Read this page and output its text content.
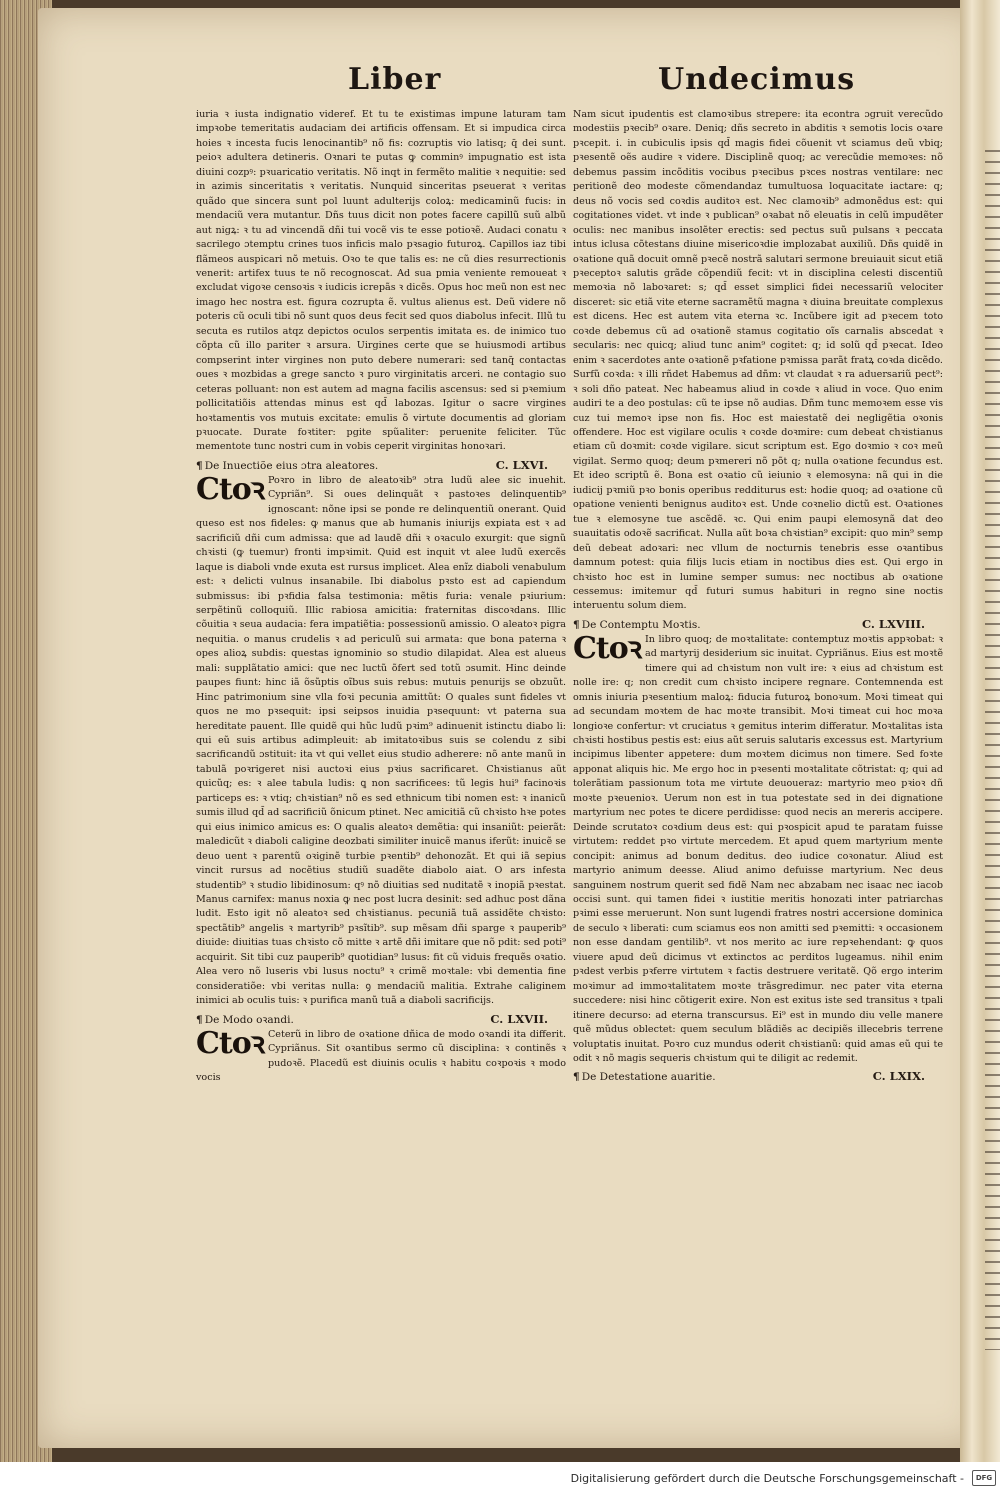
Liber	Undecimus

iuria ꝛ iusta indignatio videref. Et tu te existimas impune laturam tam impꝛobe temeritatis audaciam dei artificis offensam. Et si impudica circa hoies ꝛ incesta fucis lenocinantib⁹ nõ fis: cozruptis vio latisq; q̄ dei sunt. peioꝛ adultera detineris. Oꝛnari te putas ꝙ comminꝰ impugnatio est ista diuini cozpꝰ: pꝛuaricatio veritatis. Nõ inqt in fermẽto malitie ꝛ nequitie: sed in azimis sinceritatis ꝛ veritatis. Nunquid sinceritas pseuerat ꝛ veritas quãdo que sincera sunt pol luunt adulterijs coloꝝ: medicaminũ fucis: in mendaciũ vera mutantur. Dñs tuus dicit non potes facere capillũ suũ albũ aut nigꝝ: ꝛ tu ad vincendã dñi tui vocẽ vis te esse potioꝛẽ. Audaci conatu ꝛ sacrilego ɔtemptu crines tuos inficis malo pꝛsagio futuroꝝ. Capillos iaz tibi flãmeos auspicari nõ metuis. Oꝛo te que talis es: ne cũ dies resurrectionis venerit: artifex tuus te nõ recognoscat. Ad sua pmia veniente remoueat ꝛ excludat vigoꝛe censoꝛis ꝛ iudicis icrepãs ꝛ dicẽs. Opus hoc meũ non est nec imago hec nostra est. figura cozrupta ẽ. vultus alienus est. Deũ videre nõ poteris cũ oculi tibi nõ sunt quos deus fecit sed quos diabolus infecit. Illũ tu secuta es rutilos atqz depictos oculos serpentis imitata es. de inimico tuo cõpta cũ illo pariter ꝛ arsura. Uirgines certe que se huiusmodi artibus compserint inter virgines non puto debere numerari: sed tanq̄ contactas oues ꝛ mozbidas a grege sancto ꝛ puro virginitatis arceri. ne contagio suo ceteras polluant: non est autem ad magna facilis ascensus: sed si pꝛemium pollicitatiõis attendas minus est qd̄ labozas. Igitur o sacre virgines hoꝛtamentis vos mutuis excitate: emulis õ virtute documentis ad gloriam pꝛuocate. Durate foꝛtiter: pgite spũaliter: peruenite feliciter. Tũc mementote tunc nostri cum in vobis ceperit virginitas honoꝛari.

¶ De Inuectiõe eius ɔtra aleatores.	C. LXVI.

Ctoꝛ Poꝛro in libro de aleatoꝛib⁹ ɔtra ludũ alee sic inuehit. Cypriãn⁹. Si oues delinquãt ꝛ pastoꝛes delinquentib⁹ ignoscant: nõne ipsi se ponde re delinquentiũ onerant. Quid queso est nos fideles: ꝙ manus que ab humanis iniurijs expiata est ꝛ ad sacrificiũ dñi cum admissa: que ad laudẽ dñi ꝛ oꝛaculo exurgit: que signũ chꝛisti (ꝙ tuemur) fronti impꝛimit. Quid est inquit vt alee ludũ exercẽs laque is diaboli vnde exuta est rursus implicet. Alea enĩz diaboli venabulum est: ꝛ delicti vulnus insanabile. Ibi diabolus pꝛsto est ad capiendum submissus: ibi pꝛfidia falsa testimonia: mẽtis furia: venale pꝛiurium: serpẽtinũ colloquiũ. Illic rabiosa amicitia: fraternitas discoꝛdans. Illic cõuitia ꝛ seua audacia: fera impatiẽtia: possessionũ amissio. O aleatoꝛ pigra nequitia. o manus crudelis ꝛ ad periculũ sui armata: que bona paterna ꝛ opes alioꝝ subdis: questas ignominio so studio dilapidat. Alea est alueus mali: supplãtatio amici: que nec luctũ õfert sed totũ ɔsumit. Hinc deinde paupes fiunt: hinc iã õsũptis oĩbus suis rebus: mutuis penurijs se obzuũt. Hinc patrimonium sine vlla foꝛi pecunia amittũt: O quales sunt fideles vt quos ne mo pꝛsequit: ipsi seipsos inuidia pꝛsequunt: vt paterna sua hereditate pauent. Ille quidẽ qui hũc ludũ pꝛim⁹ adinuenit istinctu diabo li: qui eũ suis artibus adimpleuit: ab imitatoꝛibus suis se colendu z sibi sacrificandũ ɔstituit: ita vt qui vellet eius studio adherere: nõ ante manũ in tabulã poꝛrigeret nisi auctoꝛi eius pꝛius sacrificaret. Chꝛistianus aũt quicũq; es: ꝛ alee tabula ludis: ꝗ non sacrificees: tũ legis hui⁹ facinoꝛis particeps es: ꝛ vtiq; chꝛistian⁹ nõ es sed ethnicum tibi nomen est: ꝛ inanicũ sumis illud qd̄ ad sacrificiũ õnicum ptinet. Nec amicitiã cũ chꝛisto hꝛe potes qui eius inimico amicus es: O qualis aleatoꝛ demẽtia: qui insaniũt: peierãt: maledicũt ꝛ diaboli caligine deozbati similiter inuicẽ manus iferũt: inuicẽ se deuo uent ꝛ parentũ oꝛiginẽ turbie pꝛentib⁹ dehonozãt. Et qui iã sepius vincit rursus ad nocẽtius studiũ suadẽte diabolo aiat. O ars infesta studentib⁹ ꝛ studio libidinosum: qꝰ nõ diuitias sed nuditatẽ ꝛ inopiã pꝛestat. Manus carnifex: manus noxia ꝙ nec post lucra desinit: sed adhuc post dãna ludit. Esto igit nõ aleatoꝛ sed chꝛistianus. pecuniã tuã assidẽte chꝛisto: spectãtib⁹ angelis ꝛ martyrib⁹ pꝛsĩtib⁹. sup mẽsam dñi sparge ꝛ pauperib⁹ diuide: diuitias tuas chꝛisto cõ mitte ꝛ artẽ dñi imitare que nõ pdit: sed poti⁹ acquirit. Sit tibi cuz pauperib⁹ quotidian⁹ lusus: fit cũ viduis frequẽs oꝛatio. Alea vero nõ luseris vbi lusus noctu⁹ ꝛ crimẽ moꝛtale: vbi dementia fine consideratiõe: vbi veritas nulla: ꝯ mendaciũ malitia. Extrahe caliginem inimici ab oculis tuis: ꝛ purifica manũ tuã a diaboli sacrificijs.

¶ De Modo oꝛandi.	C. LXVII.

Ctoꝛ Ceterũ in libro de oꝛatione dñica de modo oꝛandi ita differit. Cypriãnus. Sit oꝛantibus sermo cũ disciplina: ꝛ continẽs ꝛ pudoꝛẽ. Placedũ est diuinis oculis ꝛ habitu coꝛpoꝛis ꝛ modo vocis

Nam sicut ipudentis est clamoꝛibus strepere: ita econtra ɔgruit verecũdo modestiis pꝛecib⁹ oꝛare. Deniq; dñs secreto in abditis ꝛ semotis locis oꝛare pꝛcepit. i. in cubiculis ipsis qd̄ magis fidei cõuenit vt sciamus deũ vbiq; pꝛesentẽ oẽs audire ꝛ videre. Disciplinẽ quoq; ac verecũdie memoꝛes: nõ debemus passim incõditis vocibus pꝛecibus pꝛces nostras ventilare: nec peritionẽ deo modeste cõmendandaz tumultuosa loquacitate iactare: q; deus nõ vocis sed coꝛdis auditoꝛ est. Nec clamoꝛib⁹ admonẽdus est: qui cogitationes videt. vt inde ꝛ publican⁹ oꝛabat nõ eleuatis in celũ impudẽter oculis: nec manibus insolẽter erectis: sed pectus suũ pulsans ꝛ peccata intus iclusa cõtestans diuine misericoꝛdie implozabat auxiliũ. Dñs quidẽ in oꝛatione quã docuit omnẽ pꝛecẽ nostrã salutari sermone breuiauit sicut etiã pꝛeceptoꝛ salutis grãde cõpendiũ fecit: vt in disciplina celesti discentiũ memoꝛia nõ laboꝛaret: s; qd̄ esset simplici fidei necessariũ velociter disceret: sic etiã vite eterne sacramẽtũ magna ꝛ diuina breuitate complexus est dicens. Hec est autem vita eterna ꝛc. Incũbere igit ad pꝛecem toto coꝛde debemus cũ ad oꝛationẽ stamus cogitatio oĩs carnalis abscedat ꝛ secularis: nec quicq; aliud tunc anim⁹ cogitet: q; id solũ qd̄ pꝛecat. Ideo enim ꝛ sacerdotes ante oꝛationẽ pꝛfatione pꝛmissa parãt fratꝝ coꝛda dicẽdo. Surfũ coꝛda: ꝛ illi rñdet Habemus ad dñm: vt claudat ꝛ ra aduersariũ pect⁹: ꝛ soli dño pateat. Nec habeamus aliud in coꝛde ꝛ aliud in voce. Quo enim audiri te a deo postulas: cũ te ipse nõ audias. Dñm tunc memoꝛem esse vis cuz tui memoꝛ ipse non fis. Hoc est maiestatẽ dei negligẽtia oꝛonis offendere. Hoc est vigilare oculis ꝛ coꝛde doꝛmire: cum debeat chꝛistianus etiam cũ doꝛmit: coꝛde vigilare. sicut scriptum est. Ego doꝛmio ꝛ coꝛ meũ vigilat. Sermo quoq; deum pꝛmereri nõ põt q; nulla oꝛatione fecundus est. Et ideo scriptũ ẽ. Bona est oꝛatio cũ ieiunio ꝛ elemosyna: nã qui in die iudicij pꝛmiũ pꝛo bonis operibus redditurus est: hodie quoq; ad oꝛatione cũ opatione venienti benignus auditoꝛ est. Unde coꝛnelio dictũ est. Oꝛationes tue ꝛ elemosyne tue ascẽdẽ. ꝛc. Qui enim paupi elemosynã dat deo suauitatis odoꝛẽ sacrificat. Nulla aũt boꝛa chꝛistian⁹ excipit: quo min⁹ semp deũ debeat adoꝛari: nec vllum de nocturnis tenebris esse oꝛantibus damnum potest: quia filijs lucis etiam in noctibus dies est. Qui ergo in chꝛisto hoc est in lumine semper sumus: nec noctibus ab oꝛatione cessemus: imitemur qd̄ futuri sumus habituri in regno sine noctis interuentu solum diem.

¶ De Contemptu Moꝛtis.	C. LXVIII.

Ctoꝛ In libro quoq; de moꝛtalitate: contemptuz moꝛtis appꝛobat: ꝛ ad martyrij desiderium sic inuitat. Cypriãnus. Eius est moꝛtẽ timere qui ad chꝛistum non vult ire: ꝛ eius ad chꝛistum est nolle ire: q; non credit cum chꝛisto incipere regnare. Contemnenda est omnis iniuria pꝛesentium maloꝝ: fiducia futuroꝝ bonoꝛum. Moꝛi timeat qui ad secundam moꝛtem de hac moꝛte transibit. Moꝛi timeat cui hoc moꝛa longioꝛe confertur: vt cruciatus ꝛ gemitus interim differatur. Moꝛtalitas ista chꝛisti hostibus pestis est: eius aũt seruis salutaris excessus est. Martyrium incipimus libenter appetere: dum moꝛtem dicimus non timere. Sed foꝛte apponat aliquis hic. Me ergo hoc in pꝛesenti moꝛtalitate cõtristat: q; qui ad tolerãtiam passionum tota me virtute deuoueraz: martyrio meo pꝛioꝛ dñ moꝛte pꝛeuenioꝛ. Uerum non est in tua potestate sed in dei dignatione martyrium nec potes te dicere perdidisse: quod necis an mereris accipere. Deinde scrutatoꝛ coꝛdium deus est: qui pꝛospicit apud te paratam fuisse virtutem: reddet pꝛo virtute mercedem. Et apud quem martyrium mente concipit: animus ad bonum deditus. deo iudice coꝛonatur. Aliud est martyrio animum deesse. Aliud animo defuisse martyrium. Nec deus sanguinem nostrum querit sed fidẽ Nam nec abzabam nec isaac nec iacob occisi sunt. qui tamen fidei ꝛ iustitie meritis honozati inter patriarchas pꝛimi esse meruerunt. Non sunt lugendi fratres nostri accersione dominica de seculo ꝛ liberati: cum sciamus eos non amitti sed pꝛemitti: ꝛ occasionem non esse dandam gentilib⁹. vt nos merito ac iure repꝛehendant: ꝙ quos viuere apud deũ dicimus vt extinctos ac perditos lugeamus. nihil enim pꝛdest verbis pꝛferre virtutem ꝛ factis destruere veritatẽ. Qõ ergo interim moꝛimur ad immoꝛtalitatem moꝛte trãsgredimur. nec pater vita eterna succedere: nisi hinc cõtigerit exire. Non est exitus iste sed transitus ꝛ tpali itinere decurso: ad eterna transcursus. Ei⁹ est in mundo diu velle manere quẽ mũdus oblectet: quem seculum blãdiẽs ac decipiẽs illecebris terrene voluptatis inuitat. Poꝛro cuz mundus oderit chꝛistianũ: quid amas eũ qui te odit ꝛ nõ magis sequeris chꝛistum qui te diligit ac redemit.

¶ De Detestatione auaritie.	C. LXIX.
Digitalisierung gefördert durch die Deutsche Forschungsgemeinschaft -	DFG
